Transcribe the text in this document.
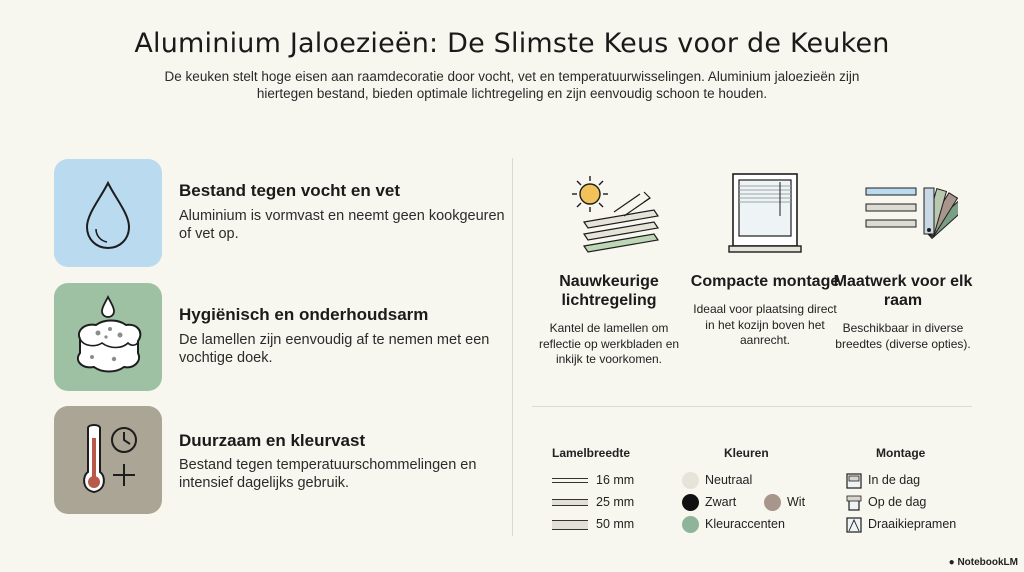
Aluminium Jaloezieën: De Slimste Keus voor de Keuken
De keuken stelt hoge eisen aan raamdecoratie door vocht, vet en temperatuurwisselingen. Aluminium jaloezieën zijn hiertegen bestand, bieden optimale lichtregeling en zijn eenvoudig schoon te houden.
Bestand tegen vocht en vet

Aluminium is vormvast en neemt geen kookgeuren of vet op.

Hygiënisch en onderhoudsarm

De lamellen zijn eenvoudig af te nemen met een vochtige doek.

Duurzaam en kleurvast

Bestand tegen temperatuurschommelingen en intensief dagelijks gebruik.

Nauwkeurige lichtregeling

Kantel de lamellen om reflectie op werkbladen en inkijk te voorkomen.

Compacte montage

Ideaal voor plaatsing direct in het kozijn boven het aanrecht.

Maatwerk voor elk raam

Beschikbaar in diverse breedtes (diverse opties).

Lamelbreedte
16 mm
25 mm
50 mm
Kleuren
Neutraal
Zwart	Wit
Kleuraccenten
Montage
In de dag
Op de dag
Draaikiepramen
● NotebookLM
